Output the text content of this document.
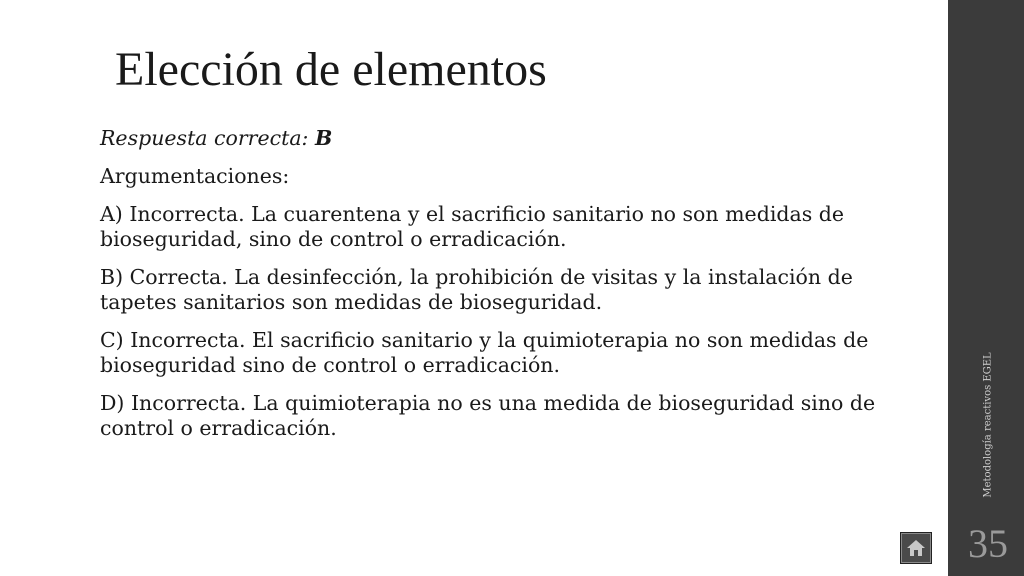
Elección de elementos

Respuesta correcta: B

Argumentaciones:

A) Incorrecta. La cuarentena y el sacrificio sanitario no son medidas de bioseguridad, sino de control o erradicación.

B) Correcta. La desinfección, la prohibición de visitas y la instalación de tapetes sanitarios son medidas de bioseguridad.

C) Incorrecta. El sacrificio sanitario y la quimioterapia no son medidas de bioseguridad sino de control o erradicación.

D) Incorrecta. La quimioterapia no es una medida de bioseguridad sino de control o erradicación.	Metodología reactivos EGEL
35
